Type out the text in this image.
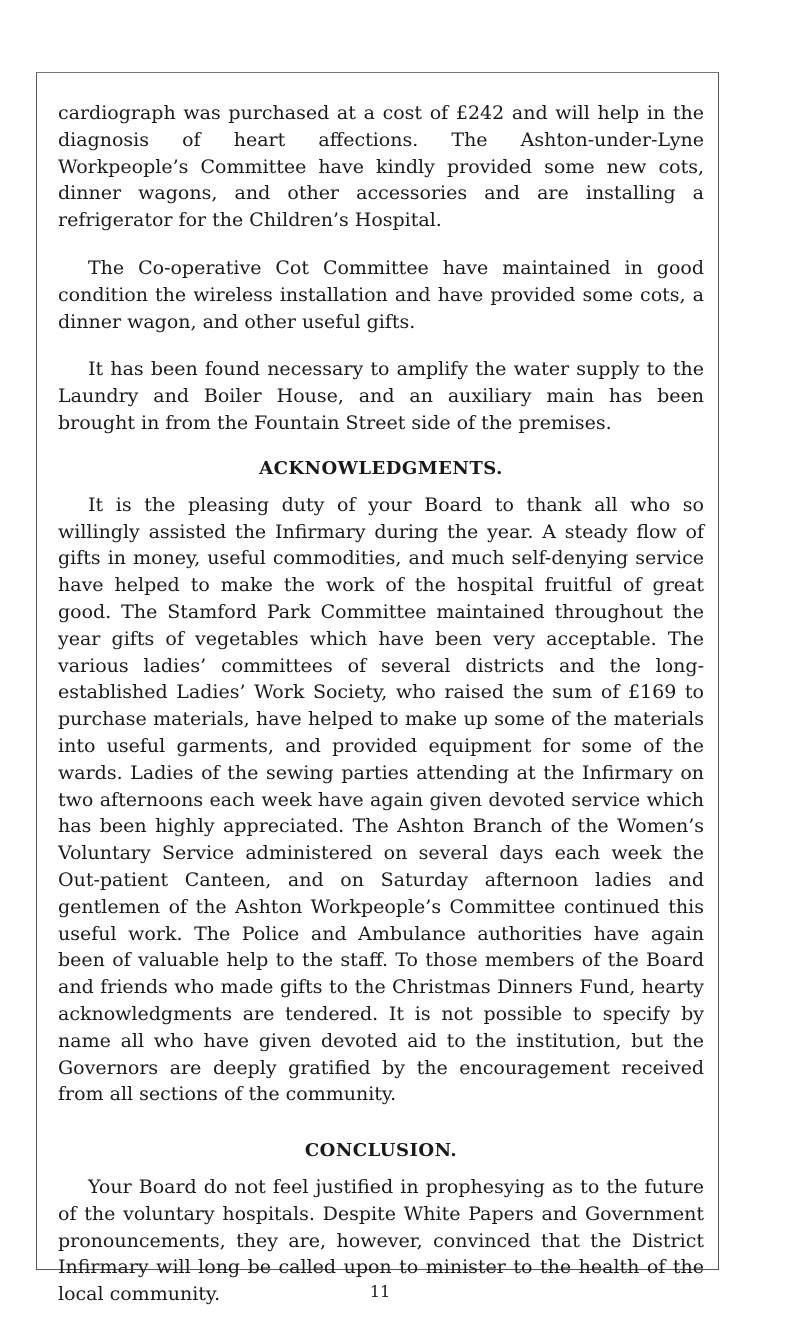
cardiograph was purchased at a cost of £242 and will help in the diagnosis of heart affections. The Ashton-under-Lyne Workpeople’s Committee have kindly provided some new cots, dinner wagons, and other accessories and are installing a refrigerator for the Children’s Hospital.

The Co-operative Cot Committee have maintained in good condition the wireless installation and have provided some cots, a dinner wagon, and other useful gifts.

It has been found necessary to amplify the water supply to the Laundry and Boiler House, and an auxiliary main has been brought in from the Fountain Street side of the premises.

ACKNOWLEDGMENTS.

It is the pleasing duty of your Board to thank all who so willingly assisted the Infirmary during the year. A steady flow of gifts in money, useful commodities, and much self-denying service have helped to make the work of the hospital fruitful of great good. The Stamford Park Committee maintained throughout the year gifts of vegetables which have been very acceptable. The various ladies’ committees of several districts and the long-established Ladies’ Work Society, who raised the sum of £169 to purchase materials, have helped to make up some of the materials into useful garments, and provided equipment for some of the wards. Ladies of the sewing parties attending at the Infirmary on two afternoons each week have again given devoted service which has been highly appreciated. The Ashton Branch of the Women’s Voluntary Service administered on several days each week the Out-patient Canteen, and on Saturday afternoon ladies and gentlemen of the Ashton Workpeople’s Committee continued this useful work. The Police and Ambulance authorities have again been of valuable help to the staff. To those members of the Board and friends who made gifts to the Christmas Dinners Fund, hearty acknowledgments are tendered. It is not possible to specify by name all who have given devoted aid to the institution, but the Governors are deeply gratified by the encouragement received from all sections of the community.

CONCLUSION.

Your Board do not feel justified in prophesying as to the future of the voluntary hospitals. Despite White Papers and Government pronouncements, they are, however, convinced that the District Infirmary will long be called upon to minister to the health of the local community.	11
